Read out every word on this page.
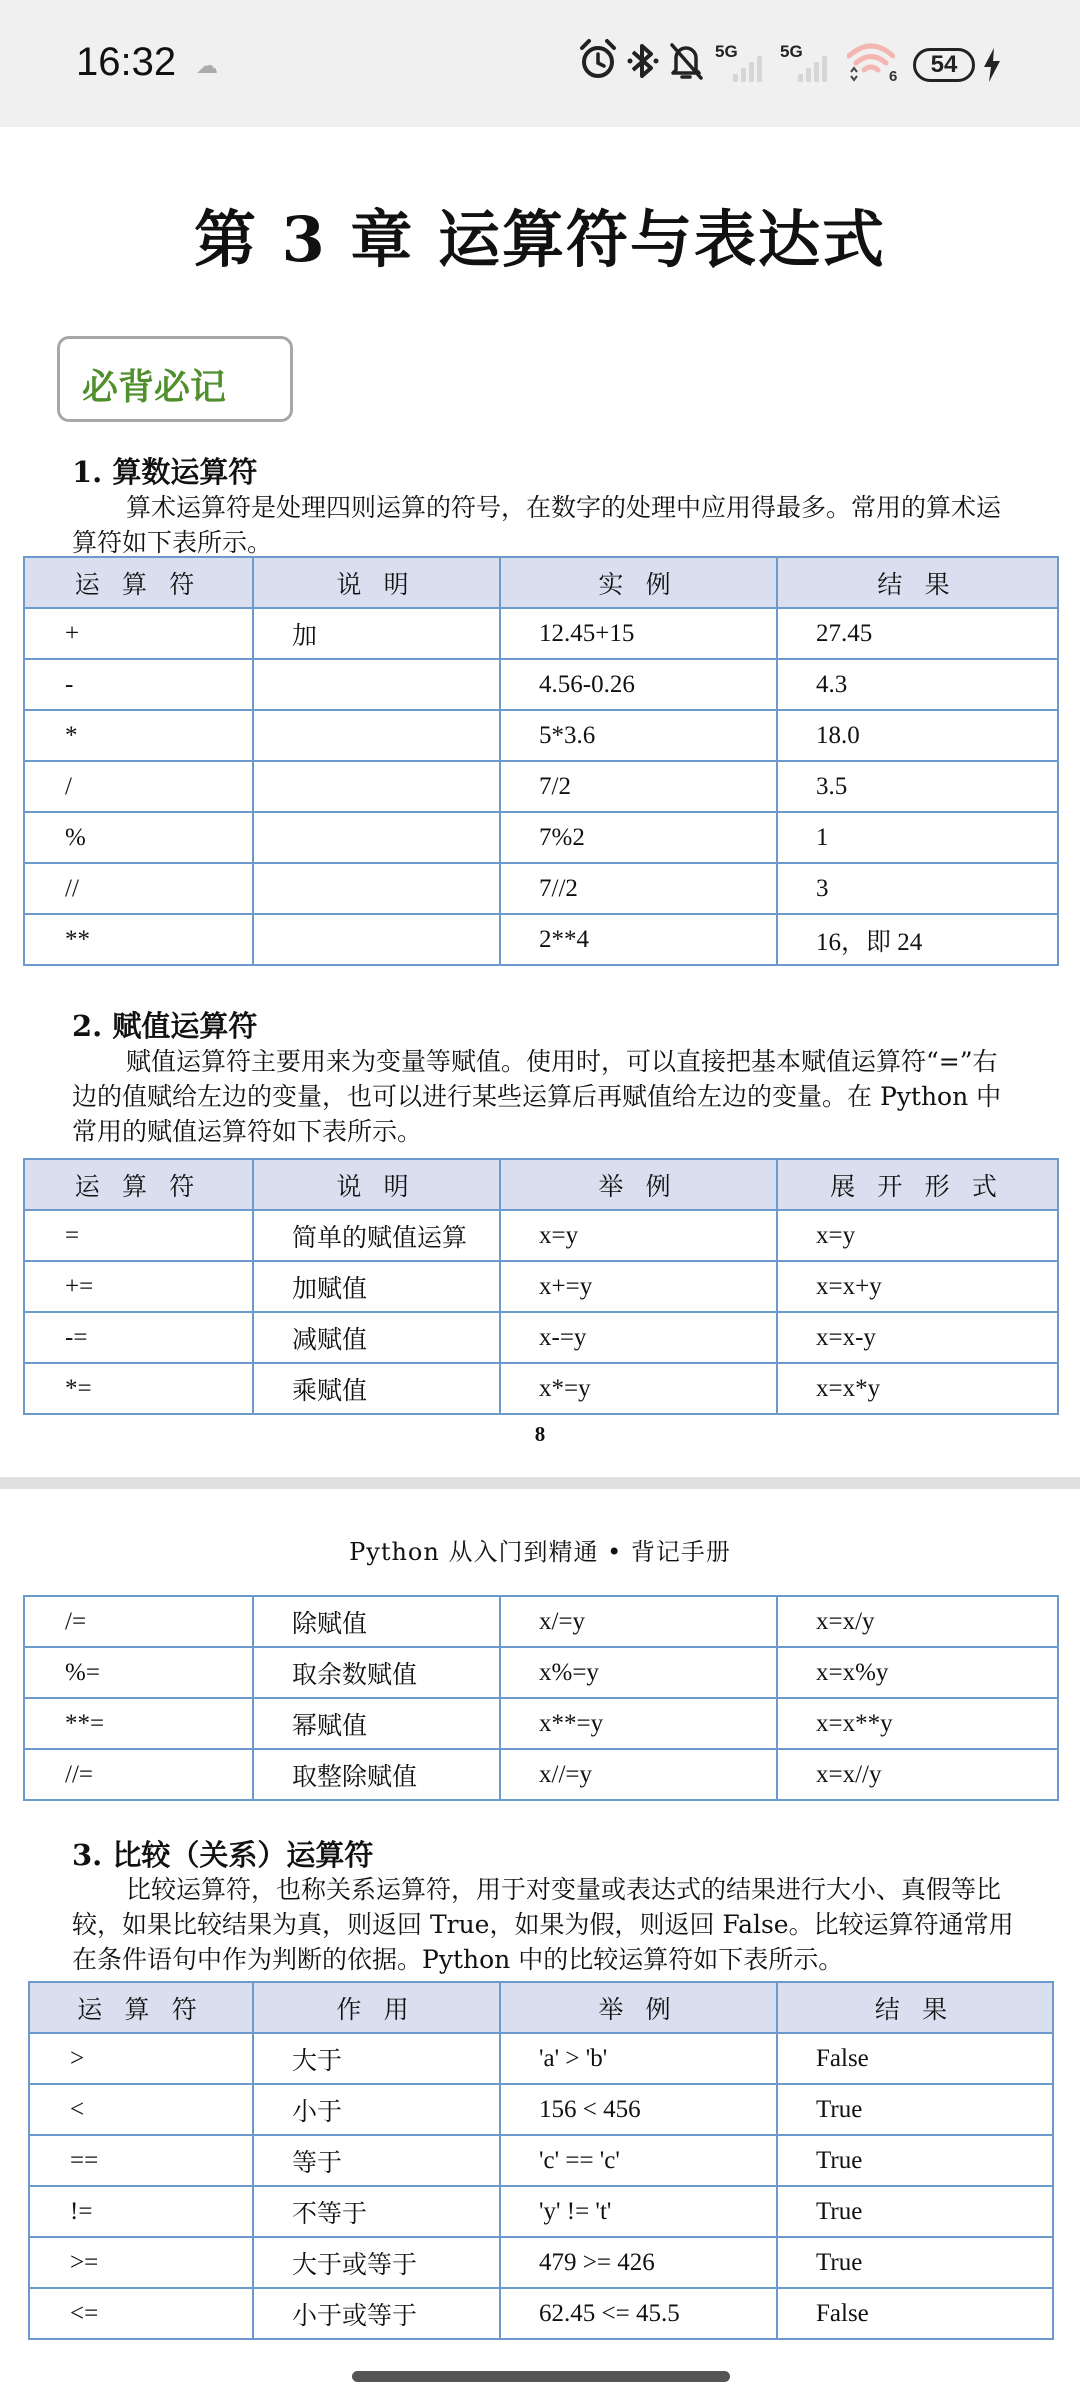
16:32 ☁
5G 5G
6	54
第 3 章 运算符与表达式
必背必记
1. 算数运算符
算术运算符是处理四则运算的符号，在数字的处理中应用得最多。常用的算术运算符如下表所示。
运 算 符	说 明	实 例	结 果
+	加	12.45+15	27.45
-		4.56-0.26	4.3
*		5*3.6	18.0
/		7/2	3.5
%		7%2	1
//		7//2	3
**		2**4	16，即 24
2. 赋值运算符
赋值运算符主要用来为变量等赋值。使用时，可以直接把基本赋值运算符“=”右边的值赋给左边的变量，也可以进行某些运算后再赋值给左边的变量。在 Python 中常用的赋值运算符如下表所示。
运 算 符	说 明	举 例	展 开 形 式
=	简单的赋值运算	x=y	x=y
+=	加赋值	x+=y	x=x+y
-=	减赋值	x-=y	x=x-y
*=	乘赋值	x*=y	x=x*y
8
Python 从入门到精通 • 背记手册
/=	除赋值	x/=y	x=x/y
%=	取余数赋值	x%=y	x=x%y
**=	幂赋值	x**=y	x=x**y
//=	取整除赋值	x//=y	x=x//y
3. 比较（关系）运算符
比较运算符，也称关系运算符，用于对变量或表达式的结果进行大小、真假等比较，如果比较结果为真，则返回 True，如果为假，则返回 False。比较运算符通常用在条件语句中作为判断的依据。Python 中的比较运算符如下表所示。
运 算 符	作 用	举 例	结 果
>	大于	'a' > 'b'	False
<	小于	156 < 456	True
==	等于	'c' == 'c'	True
!=	不等于	'y' != 't'	True
>=	大于或等于	479 >= 426	True
<=	小于或等于	62.45 <= 45.5	False
